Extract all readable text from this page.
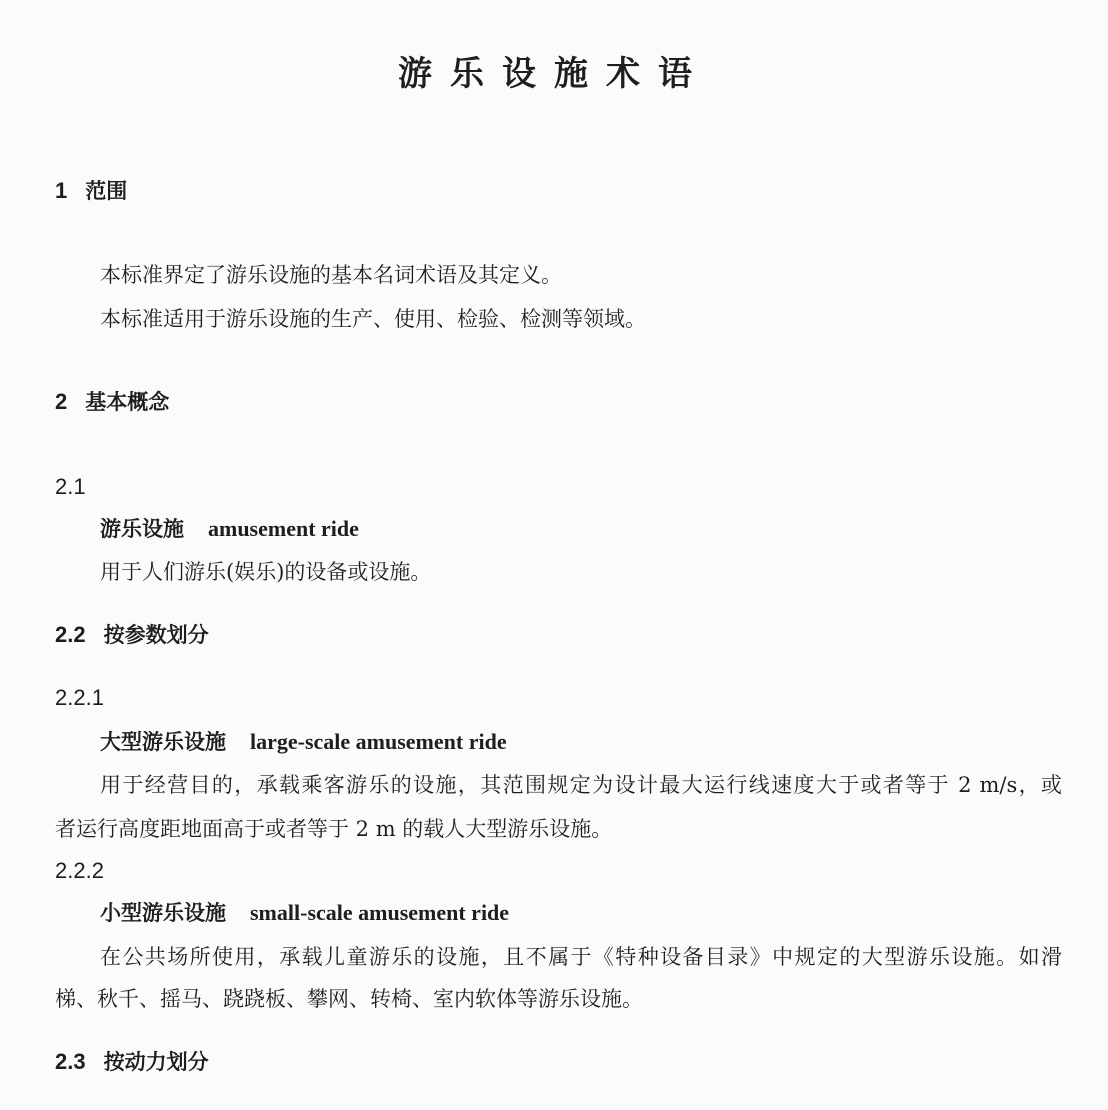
游乐设施术语
1 范围
本标准界定了游乐设施的基本名词术语及其定义。
本标准适用于游乐设施的生产、使用、检验、检测等领域。
2 基本概念
2.1
游乐设施 amusement ride
用于人们游乐(娱乐)的设备或设施。
2.2 按参数划分
2.2.1
大型游乐设施 large-scale amusement ride
用于经营目的，承载乘客游乐的设施，其范围规定为设计最大运行线速度大于或者等于 2 m/s，或
者运行高度距地面高于或者等于 2 m 的载人大型游乐设施。
2.2.2
小型游乐设施 small-scale amusement ride
在公共场所使用，承载儿童游乐的设施，且不属于《特种设备目录》中规定的大型游乐设施。如滑
梯、秋千、摇马、跷跷板、攀网、转椅、室内软体等游乐设施。
2.3 按动力划分
